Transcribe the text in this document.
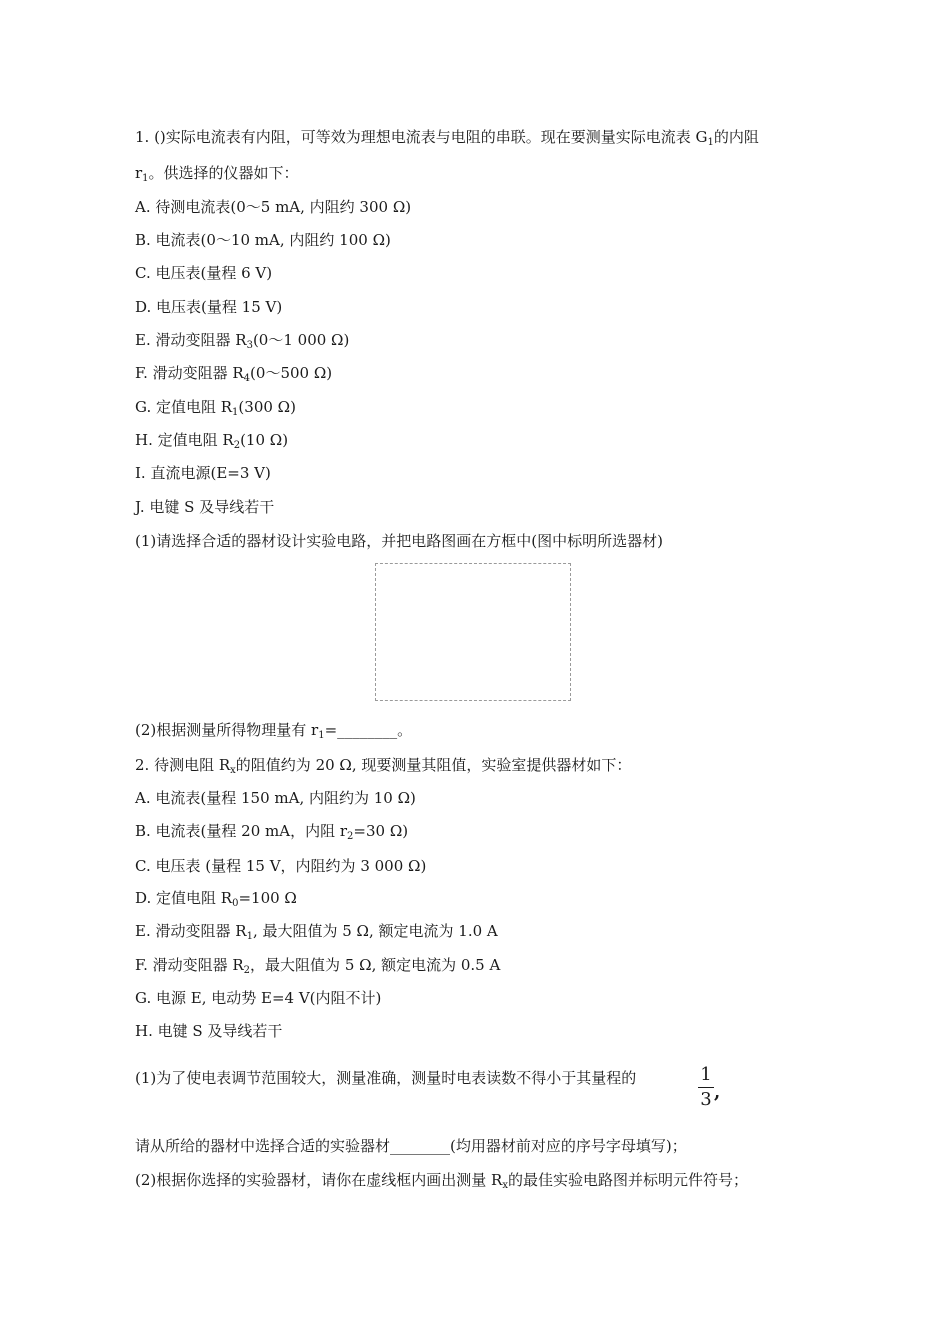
1. ()实际电流表有内阻，可等效为理想电流表与电阻的串联。现在要测量实际电流表 $G_1$的内阻
$r_1$。供选择的仪器如下：
A. 待测电流表(0～5 mA, 内阻约 300 Ω)
B. 电流表(0～10 mA, 内阻约 100 Ω)
C. 电压表(量程 6 V)
D. 电压表(量程 15 V)
E. 滑动变阻器 $R_3(0\sim 1$ 000 Ω)
F. 滑动变阻器 $R_4(0\sim 500$ Ω)
G. 定值电阻 $R_1(300$ Ω)
H. 定值电阻 $R_2(10$ Ω)
I. 直流电源(E=3 V)
J. 电键 S 及导线若干
(1)请选择合适的器材设计实验电路，并把电路图画在方框中(图中标明所选器材)
(2)根据测量所得物理量有 $r_1=\_\_\_\_\_\_\_\_$。
2. 待测电阻 $R_x$的阻值约为 20 Ω, 现要测量其阻值，实验室提供器材如下：
A. 电流表(量程 150 mA, 内阻约为 10 Ω)
B. 电流表(量程 20 mA，内阻 $r_2=30$ Ω)
C. 电压表 (量程 15 V，内阻约为 3 000 Ω)
D. 定值电阻 $R_0=100$ Ω
E. 滑动变阻器 $R_1$, 最大阻值为 5 Ω, 额定电流为 1.0 A
F. 滑动变阻器 $R_2$，最大阻值为 5 Ω, 额定电流为 0.5 A
G. 电源 E, 电动势 E=4 V(内阻不计)
H. 电键 S 及导线若干
(1)为了使电表调节范围较大，测量准确，测量时电表读数不得小于其量程的	1
3 ,
请从所给的器材中选择合适的实验器材________(均用器材前对应的序号字母填写)；
(2)根据你选择的实验器材，请你在虚线框内画出测量 $R_x$的最佳实验电路图并标明元件符号；
